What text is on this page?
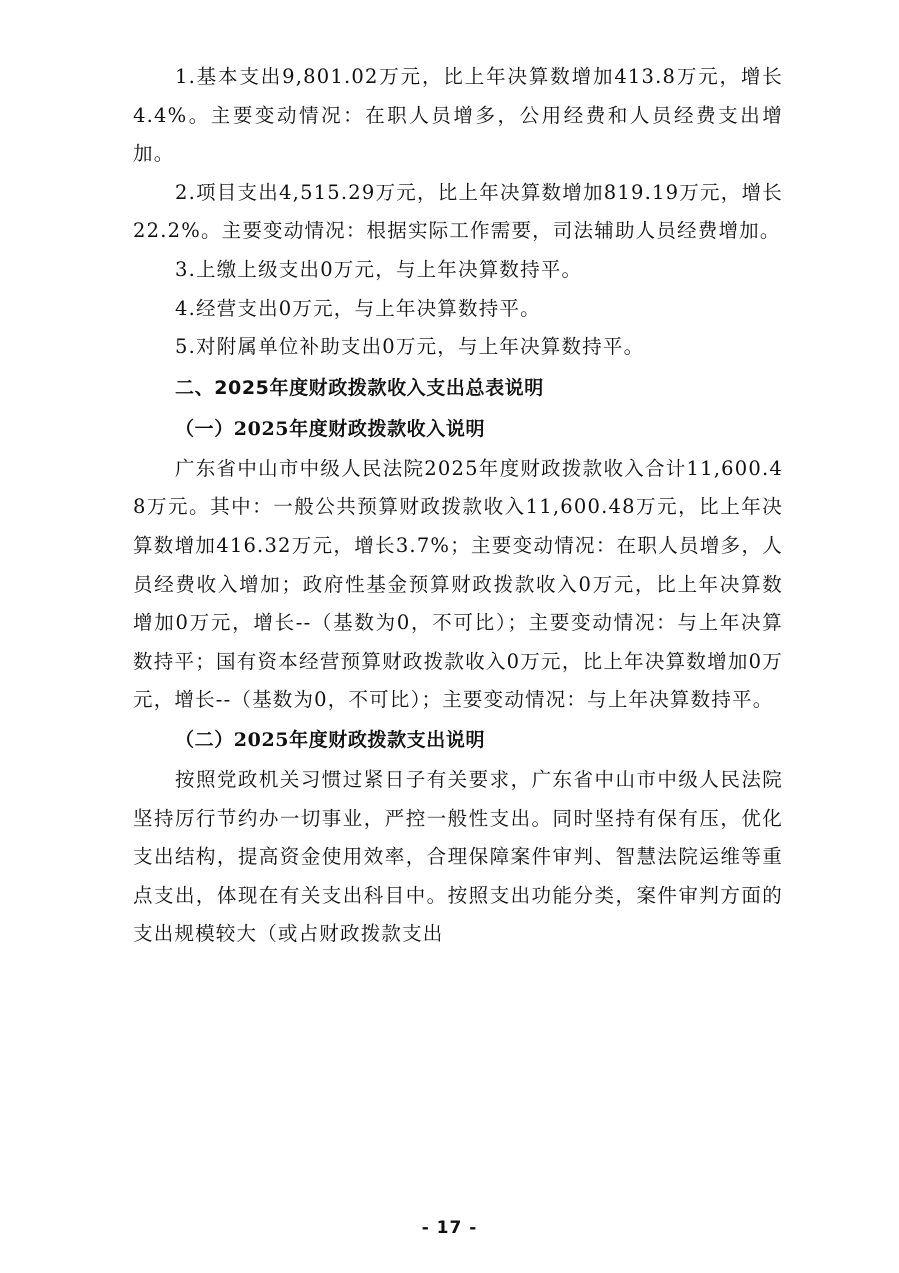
1.基本支出9,801.02万元，比上年决算数增加413.8万元，增长4.4%。主要变动情况：在职人员增多，公用经费和人员经费支出增加。

2.项目支出4,515.29万元，比上年决算数增加819.19万元，增长22.2%。主要变动情况：根据实际工作需要，司法辅助人员经费增加。

3.上缴上级支出0万元，与上年决算数持平。

4.经营支出0万元，与上年决算数持平。

5.对附属单位补助支出0万元，与上年决算数持平。

二、2025年度财政拨款收入支出总表说明
（一）2025年度财政拨款收入说明

广东省中山市中级人民法院2025年度财政拨款收入合计11,600.48万元。其中：一般公共预算财政拨款收入11,600.48万元，比上年决算数增加416.32万元，增长3.7%；主要变动情况：在职人员增多，人员经费收入增加；政府性基金预算财政拨款收入0万元，比上年决算数增加0万元，增长--（基数为0，不可比）；主要变动情况：与上年决算数持平；国有资本经营预算财政拨款收入0万元，比上年决算数增加0万元，增长--（基数为0，不可比）；主要变动情况：与上年决算数持平。

（二）2025年度财政拨款支出说明

按照党政机关习惯过紧日子有关要求，广东省中山市中级人民法院坚持厉行节约办一切事业，严控一般性支出。同时坚持有保有压，优化支出结构，提高资金使用效率，合理保障案件审判、智慧法院运维等重点支出，体现在有关支出科目中。按照支出功能分类，案件审判方面的支出规模较大（或占财政拨款支出

- 17 -
